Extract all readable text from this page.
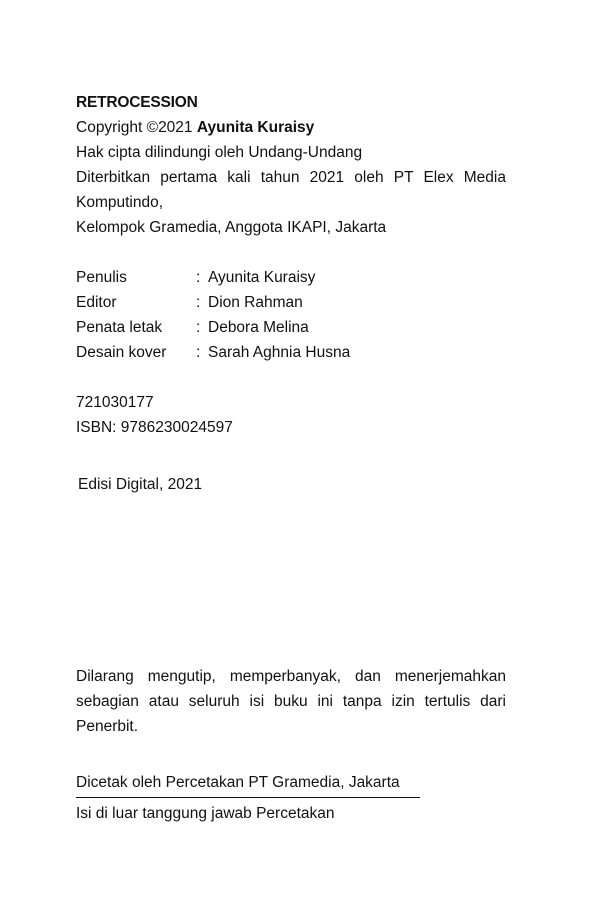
RETROCESSION
Copyright ©2021 Ayunita Kuraisy
Hak cipta dilindungi oleh Undang-Undang
Diterbitkan pertama kali tahun 2021 oleh PT Elex Media
Komputindo,
Kelompok Gramedia, Anggota IKAPI, Jakarta
Penulis	: Ayunita Kuraisy
Editor	: Dion Rahman
Penata letak	: Debora Melina
Desain kover	: Sarah Aghnia Husna
721030177
ISBN: 9786230024597
Edisi Digital, 2021
Dilarang mengutip, memperbanyak, dan menerjemahkan
sebagian atau seluruh isi buku ini tanpa izin tertulis dari
Penerbit.
Dicetak oleh Percetakan PT Gramedia, Jakarta
Isi di luar tanggung jawab Percetakan
